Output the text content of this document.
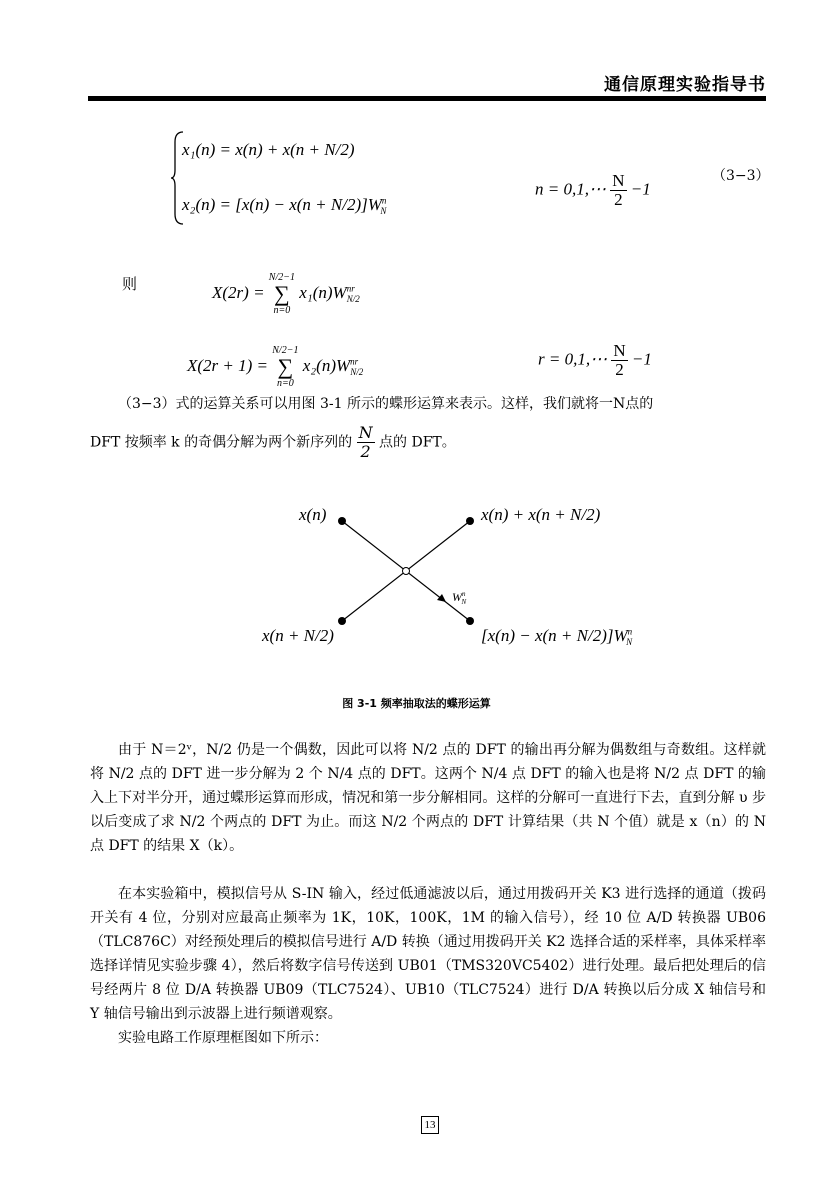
通信原理实验指导书
x₁(n) = x(n) + x(n + N/2)
$x_2(n) = [x(n) - x(n + N/2)]W^n_N$
n = 0,1,⋯ $\frac{N}{2} -1$
（3−3）
则	X(2r) =
N/2−1
∑
n=0
$x_1(n)W^{nr}_{N/2}$
X(2r + 1) =
N/2−1
∑
n=0
$x_2(n)W^{nr}_{N/2}$
r = 0,1,⋯ $\frac{N}{2} -1$
（3−3）式的运算关系可以用图 3-1 所示的蝶形运算来表示。这样，我们就将一N点的
DFT 按频率 k 的奇偶分解为两个新序列的 $\frac{N}{2}$ 点的 DFT。
x(n)
x(n + N/2)
x(n) + x(n + N/2)
$[x(n) - x(n + N/2)]W^n_N$
$W^n_N$
图 3-1 频率抽取法的蝶形运算
由于 N＝2ᵛ，N/2 仍是一个偶数，因此可以将 N/2 点的 DFT 的输出再分解为偶数组与奇数组。这样就将 N/2 点的 DFT 进一步分解为 2 个 N/4 点的 DFT。这两个 N/4 点 DFT 的输入也是将 N/2 点 DFT 的输入上下对半分开，通过蝶形运算而形成，情况和第一步分解相同。这样的分解可一直进行下去，直到分解 υ 步以后变成了求 N/2 个两点的 DFT 为止。而这 N/2 个两点的 DFT 计算结果（共 N 个值）就是 x（n）的 N 点 DFT 的结果 X（k）。
在本实验箱中，模拟信号从 S-IN 输入，经过低通滤波以后，通过用拨码开关 K3 进行选择的通道（拨码开关有 4 位，分别对应最高止频率为 1K，10K，100K，1M 的输入信号），经 10 位 A/D 转换器 UB06（TLC876C）对经预处理后的模拟信号进行 A/D 转换（通过用拨码开关 K2 选择合适的采样率，具体采样率选择详情见实验步骤 4），然后将数字信号传送到 UB01（TMS320VC5402）进行处理。最后把处理后的信号经两片 8 位 D/A 转换器 UB09（TLC7524）、UB10（TLC7524）进行 D/A 转换以后分成 X 轴信号和 Y 轴信号输出到示波器上进行频谱观察。
实验电路工作原理框图如下所示：
13
